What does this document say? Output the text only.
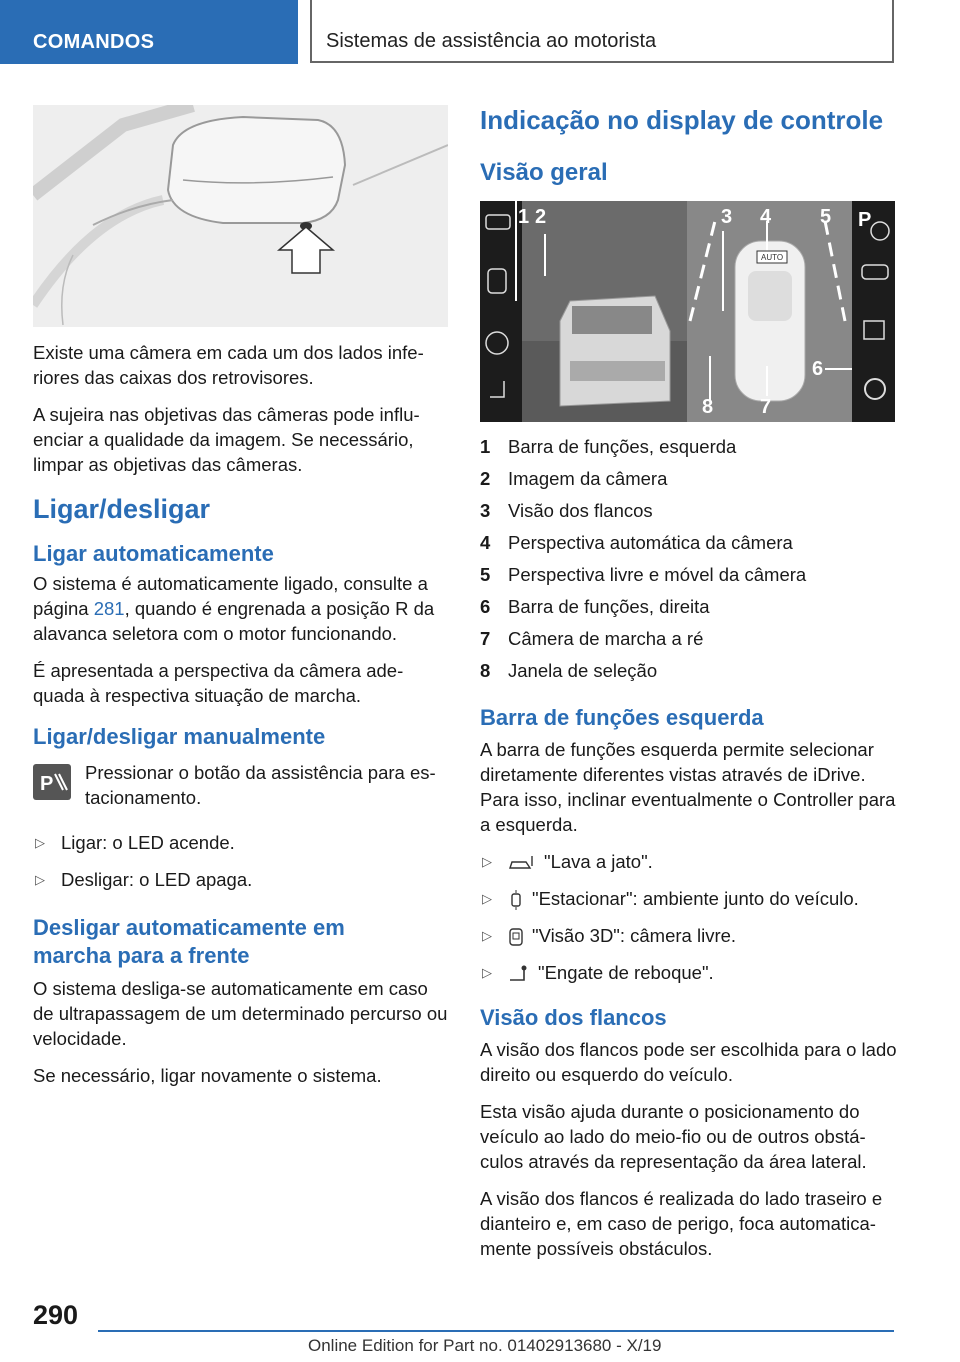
COMANDOS	Sistemas de assistência ao motorista

Existe uma câmera em cada um dos lados infe-riores das caixas dos retrovisores.

A sujeira nas objetivas das câmeras pode influ-enciar a qualidade da imagem. Se necessário, limpar as objetivas das câmeras.

Ligar/desligar
Ligar automaticamente

O sistema é automaticamente ligado, consulte a página 281, quando é engrenada a posição R da alavanca seletora com o motor funcionando.

É apresentada a perspectiva da câmera ade-quada à respectiva situação de marcha.

Ligar/desligar manualmente
P

Pressionar o botão da assistência para es-tacionamento.

▷ Ligar: o LED acende.
▷ Desligar: o LED apaga.
Desligar automaticamente em marcha para a frente

O sistema desliga-se automaticamente em caso de ultrapassagem de um determinado percurso ou velocidade.

Se necessário, ligar novamente o sistema.

Indicação no display de controle
Visão geral
AUTO
P
1 2	3 4 5
6
7
8
1 Barra de funções, esquerda
2 Imagem da câmera
3 Visão dos flancos
4 Perspectiva automática da câmera
5 Perspectiva livre e móvel da câmera
6 Barra de funções, direita
7 Câmera de marcha a ré
8 Janela de seleção
Barra de funções esquerda

A barra de funções esquerda permite selecionar diretamente diferentes vistas através de iDrive. Para isso, inclinar eventualmente o Controller para a esquerda.

▷	"Lava a jato".
▷ "Estacionar": ambiente junto do veículo.
▷ "Visão 3D": câmera livre.
▷ "Engate de reboque".
Visão dos flancos

A visão dos flancos pode ser escolhida para o lado direito ou esquerdo do veículo.

Esta visão ajuda durante o posicionamento do veículo ao lado do meio-fio ou de outros obstá-culos através da representação da área lateral.

A visão dos flancos é realizada do lado traseiro e dianteiro e, em caso de perigo, foca automatica-mente possíveis obstáculos.

290
Online Edition for Part no. 01402913680 - X/19
